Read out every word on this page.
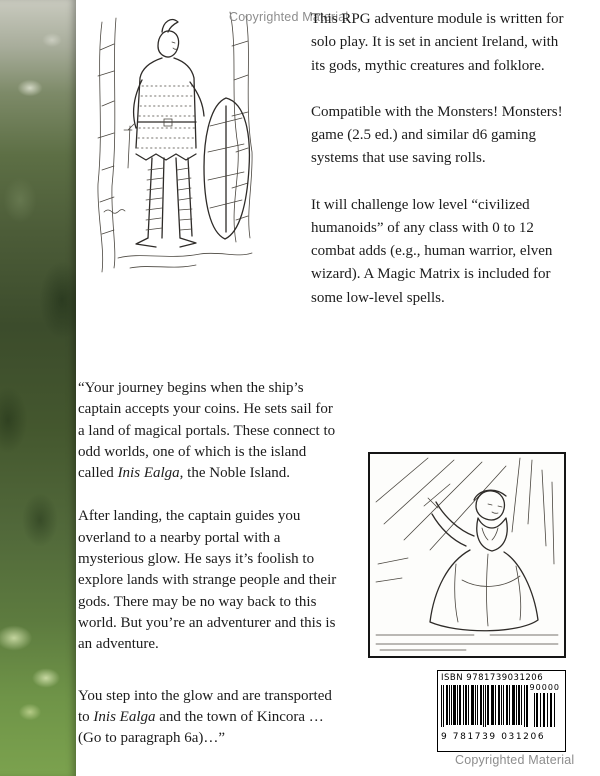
Copyrighted Material

This RPG adventure module is written for solo play. It is set in ancient Ireland, with its gods, mythic creatures and folklore.

Compatible with the Monsters! Monsters! game (2.5 ed.) and similar d6 gaming systems that use saving rolls.

It will challenge low level “civilized humanoids” of any class with 0 to 12 combat adds (e.g., human warrior, elven wizard). A Magic Matrix is included for some low-level spells.

“Your journey begins when the ship’s captain accepts your coins. He sets sail for a land of magical portals. These connect to odd worlds, one of which is the island called Inis Ealga, the Noble Island.

After landing, the captain guides you overland to a nearby portal with a mysterious glow. He says it’s foolish to explore lands with strange people and their gods. There may be no way back to this world. But you’re an adventurer and this is an adventure.

You step into the glow and are transported to Inis Ealga and the town of Kincora … (Go to paragraph 6a)…”

ISBN 9781739031206
90000
9 781739 031206
Copyrighted Material
